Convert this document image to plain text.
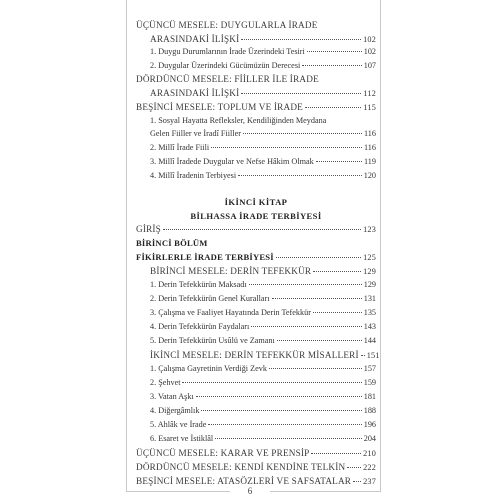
ÜÇÜNCÜ MESELE: DUYGULARLA İRADE
ARASINDAKİ İLİŞKİ	102
1. Duygu Durumlarının İrade Üzerindeki Tesiri	102
2. Duygular Üzerindeki Gücümüzün Derecesi	107
DÖRDÜNCÜ MESELE: FİİLLER İLE İRADE
ARASINDAKİ İLİŞKİ	112
BEŞİNCİ MESELE: TOPLUM VE İRADE	115
1. Sosyal Hayatta Refleksler, Kendiliğinden Meydana
Gelen Fiiller ve İradî Fiiller	116
2. Millî İrade Fiili	116
3. Millî İradede Duygular ve Nefse Hâkim Olmak	119
4. Millî İradenin Terbiyesi	120
İKİNCİ KİTAP
BİLHASSA İRADE TERBİYESİ
GİRİŞ	123
BİRİNCİ BÖLÜM
FİKİRLERLE İRADE TERBİYESİ	125
BİRİNCİ MESELE: DERİN TEFEKKÜR	129
1. Derin Tefekkürün Maksadı	129
2. Derin Tefekkürün Genel Kuralları	131
3. Çalışma ve Faaliyet Hayatında Derin Tefekkür	135
4. Derin Tefekkürün Faydaları	143
5. Derin Tefekkürün Usûlü ve Zamanı	144
İKİNCİ MESELE: DERİN TEFEKKÜR MİSALLERİ 151
1. Çalışma Gayretinin Verdiği Zevk	157
2. Şehvet	159
3. Vatan Aşkı	181
4. Diğergâmlık	188
5. Ahlâk ve İrade	196
6. Esaret ve İstiklâl	204
ÜÇÜNCÜ MESELE: KARAR VE PRENSİP	210
DÖRDÜNCÜ MESELE: KENDİ KENDİNE TELKİN 222
BEŞİNCİ MESELE: ATASÖZLERİ VE SAFSATALAR 237
6
